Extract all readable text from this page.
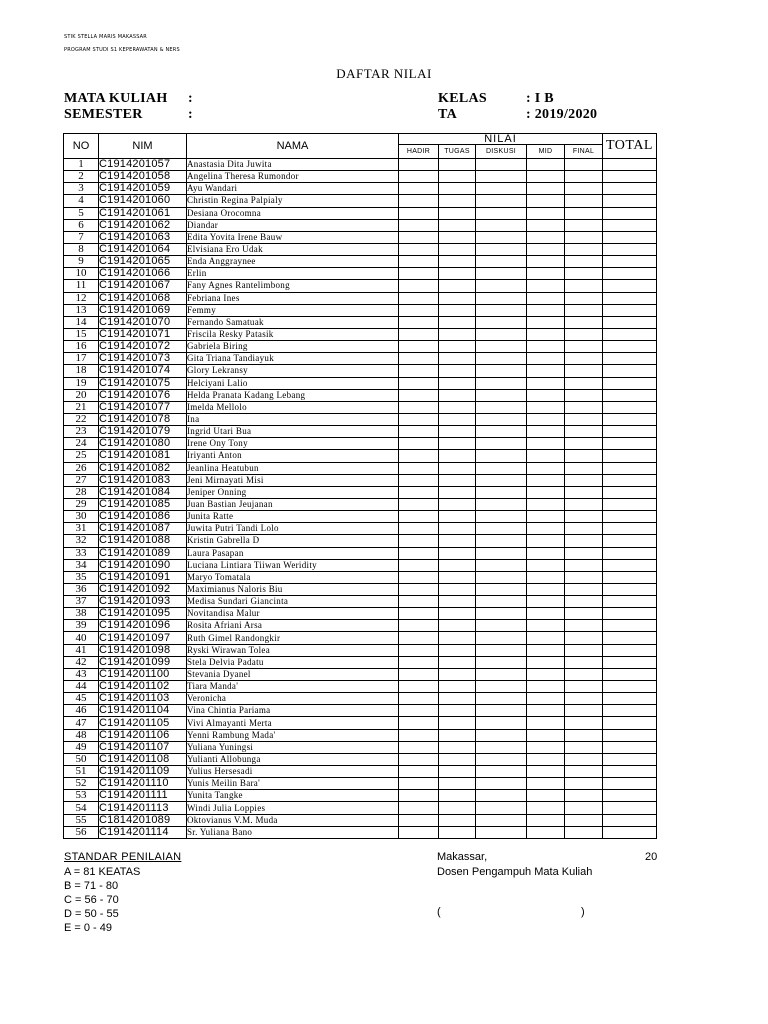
STIK STELLA MARIS MAKASSAR
PROGRAM STUDI S1 KEPERAWATAN & NERS
DAFTAR NILAI
MATA KULIAH :
SEMESTER	:
KELAS	: I B
TA	: 2019/2020
NO	NIM	NAMA	NILAI					TOTAL
			HADIR	TUGAS	DISKUSI	MID	FINAL	
1	C1914201057	Anastasia Dita Juwita						
2	C1914201058	Angelina Theresa Rumondor						
3	C1914201059	Ayu Wandari						
4	C1914201060	Christin Regina Palpialy						
5	C1914201061	Desiana Orocomna						
6	C1914201062	Diandar						
7	C1914201063	Edita Yovita Irene Bauw						
8	C1914201064	Elvisiana Ero Udak						
9	C1914201065	Enda Anggraynee						
10	C1914201066	Erlin						
11	C1914201067	Fany Agnes Rantelimbong						
12	C1914201068	Febriana Ines						
13	C1914201069	Femmy						
14	C1914201070	Fernando Samatuak						
15	C1914201071	Friscila Resky Patasik						
16	C1914201072	Gabriela Biring						
17	C1914201073	Gita Triana Tandiayuk						
18	C1914201074	Glory Lekransy						
19	C1914201075	Helciyani Lalio						
20	C1914201076	Helda Pranata Kadang Lebang						
21	C1914201077	Imelda Mellolo						
22	C1914201078	Ina						
23	C1914201079	Ingrid Utari Bua						
24	C1914201080	Irene Ony Tony						
25	C1914201081	Iriyanti Anton						
26	C1914201082	Jeanlina Heatubun						
27	C1914201083	Jeni Mirnayati Misi						
28	C1914201084	Jeniper Onning						
29	C1914201085	Juan Bastian Jeujanan						
30	C1914201086	Junita Ratte						
31	C1914201087	Juwita Putri Tandi Lolo						
32	C1914201088	Kristin Gabrella D						
33	C1914201089	Laura Pasapan						
34	C1914201090	Luciana Lintiara Tiiwan Weridity						
35	C1914201091	Maryo Tomatala						
36	C1914201092	Maximianus Naloris Biu						
37	C1914201093	Medisa Sundari Giancinta						
38	C1914201095	Novitandisa Malur						
39	C1914201096	Rosita Afriani Arsa						
40	C1914201097	Ruth Gimel Randongkir						
41	C1914201098	Ryski Wirawan Tolea						
42	C1914201099	Stela Delvia Padatu						
43	C1914201100	Stevania Dyanel						
44	C1914201102	Tiara Manda'						
45	C1914201103	Veronicha						
46	C1914201104	Vina Chintia Pariama						
47	C1914201105	Vivi Almayanti Merta						
48	C1914201106	Yenni Rambung Mada'						
49	C1914201107	Yuliana Yuningsi						
50	C1914201108	Yulianti Allobunga						
51	C1914201109	Yulius Hersesadi						
52	C1914201110	Yunis Meilin Bara'						
53	C1914201111	Yunita Tangke						
54	C1914201113	Windi Julia Loppies						
55	C1814201089	Oktovianus V.M. Muda						
56	C1914201114	Sr. Yuliana Bano						
STANDAR PENILAIAN
A = 81 KEATAS
B = 71 - 80
C = 56 - 70
D = 50 - 55
E = 0 - 49
Makassar,	20
Dosen Pengampuh Mata Kuliah
(	)
